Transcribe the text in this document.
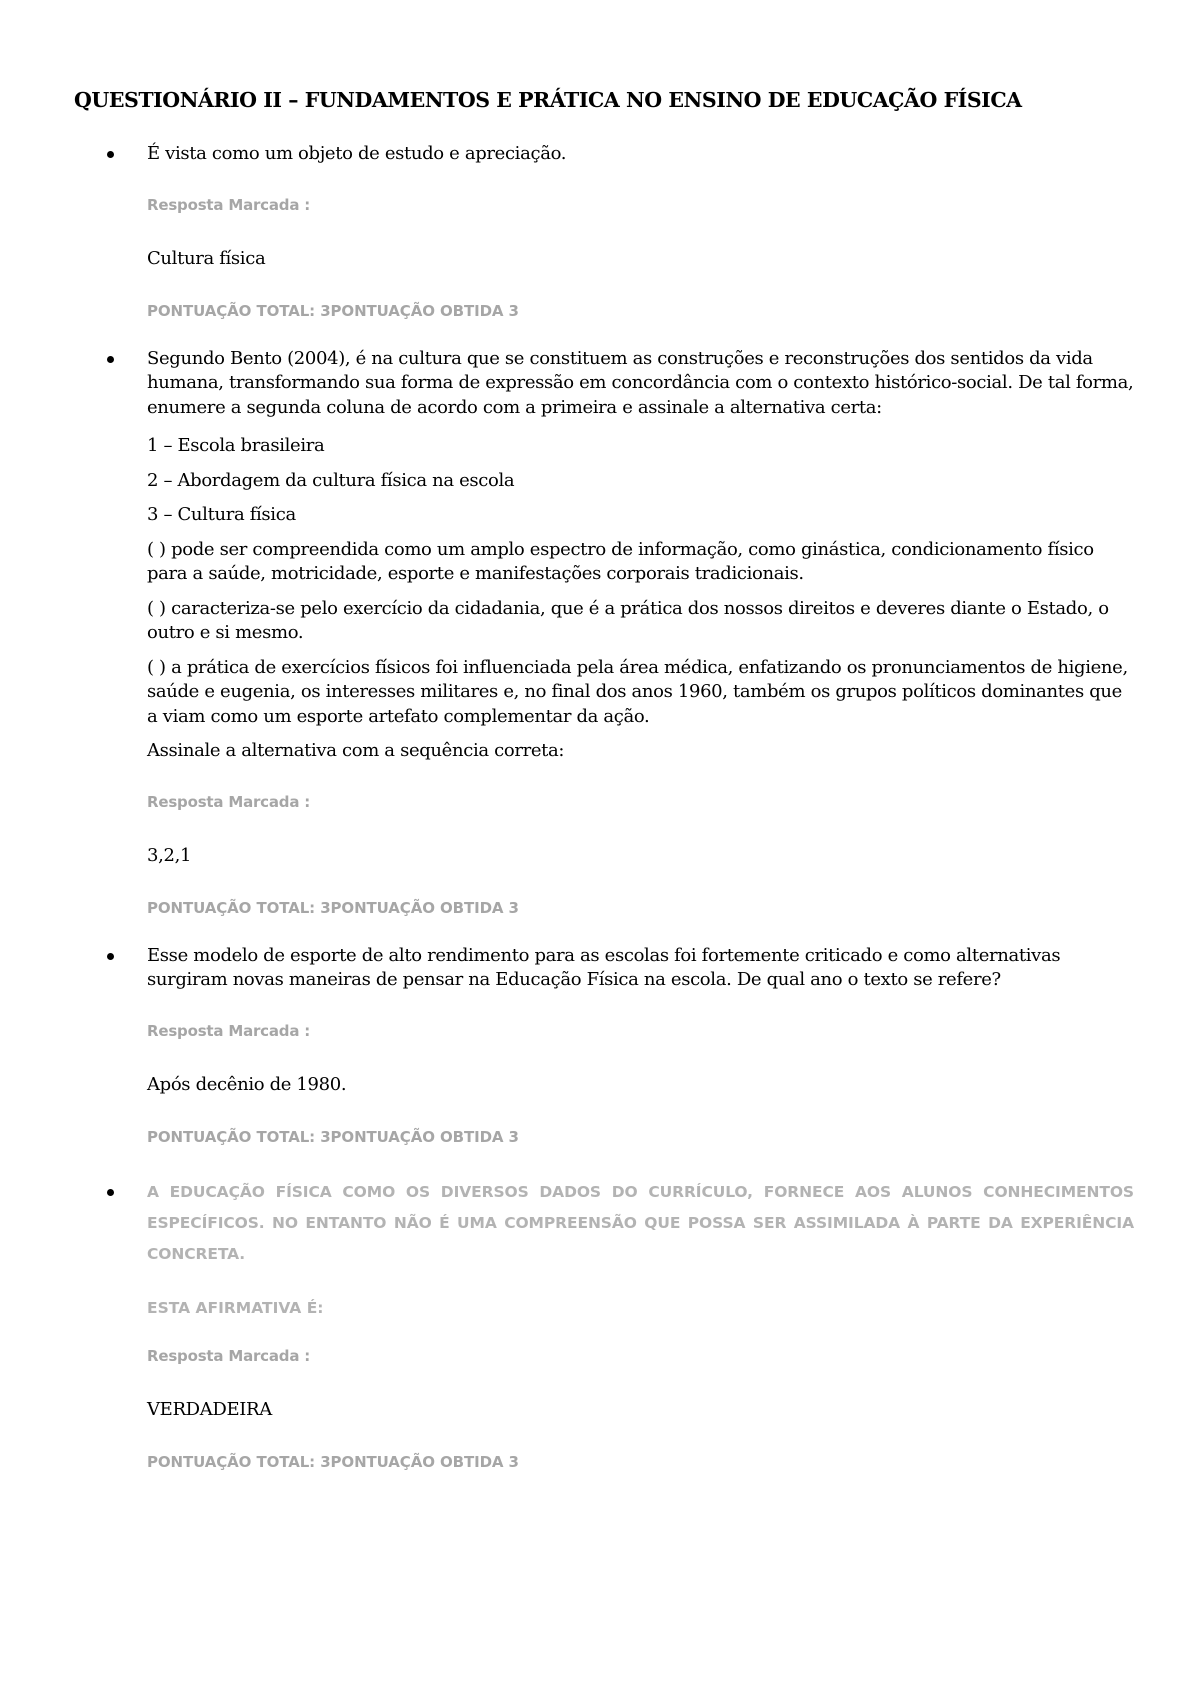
QUESTIONÁRIO II – FUNDAMENTOS E PRÁTICA NO ENSINO DE EDUCAÇÃO FÍSICA

É vista como um objeto de estudo e apreciação.

Resposta Marcada :
Cultura física
PONTUAÇÃO TOTAL: 3PONTUAÇÃO OBTIDA 3

Segundo Bento (2004), é na cultura que se constituem as construções e reconstruções dos sentidos da vida humana, transformando sua forma de expressão em concordância com o contexto histórico-social. De tal forma, enumere a segunda coluna de acordo com a primeira e assinale a alternativa certa:

1 – Escola brasileira

2 – Abordagem da cultura física na escola

3 – Cultura física

( ) pode ser compreendida como um amplo espectro de informação, como ginástica, condicionamento físico para a saúde, motricidade, esporte e manifestações corporais tradicionais.

( ) caracteriza-se pelo exercício da cidadania, que é a prática dos nossos direitos e deveres diante o Estado, o outro e si mesmo.

( ) a prática de exercícios físicos foi influenciada pela área médica, enfatizando os pronunciamentos de higiene, saúde e eugenia, os interesses militares e, no final dos anos 1960, também os grupos políticos dominantes que a viam como um esporte artefato complementar da ação.

Assinale a alternativa com a sequência correta:

Resposta Marcada :
3,2,1
PONTUAÇÃO TOTAL: 3PONTUAÇÃO OBTIDA 3

Esse modelo de esporte de alto rendimento para as escolas foi fortemente criticado e como alternativas surgiram novas maneiras de pensar na Educação Física na escola. De qual ano o texto se refere?

Resposta Marcada :
Após decênio de 1980.
PONTUAÇÃO TOTAL: 3PONTUAÇÃO OBTIDA 3

A EDUCAÇÃO FÍSICA COMO OS DIVERSOS DADOS DO CURRÍCULO, FORNECE AOS ALUNOS CONHECIMENTOS ESPECÍFICOS. NO ENTANTO NÃO É UMA COMPREENSÃO QUE POSSA SER ASSIMILADA À PARTE DA EXPERIÊNCIA CONCRETA.

ESTA AFIRMATIVA É:
Resposta Marcada :
VERDADEIRA
PONTUAÇÃO TOTAL: 3PONTUAÇÃO OBTIDA 3
